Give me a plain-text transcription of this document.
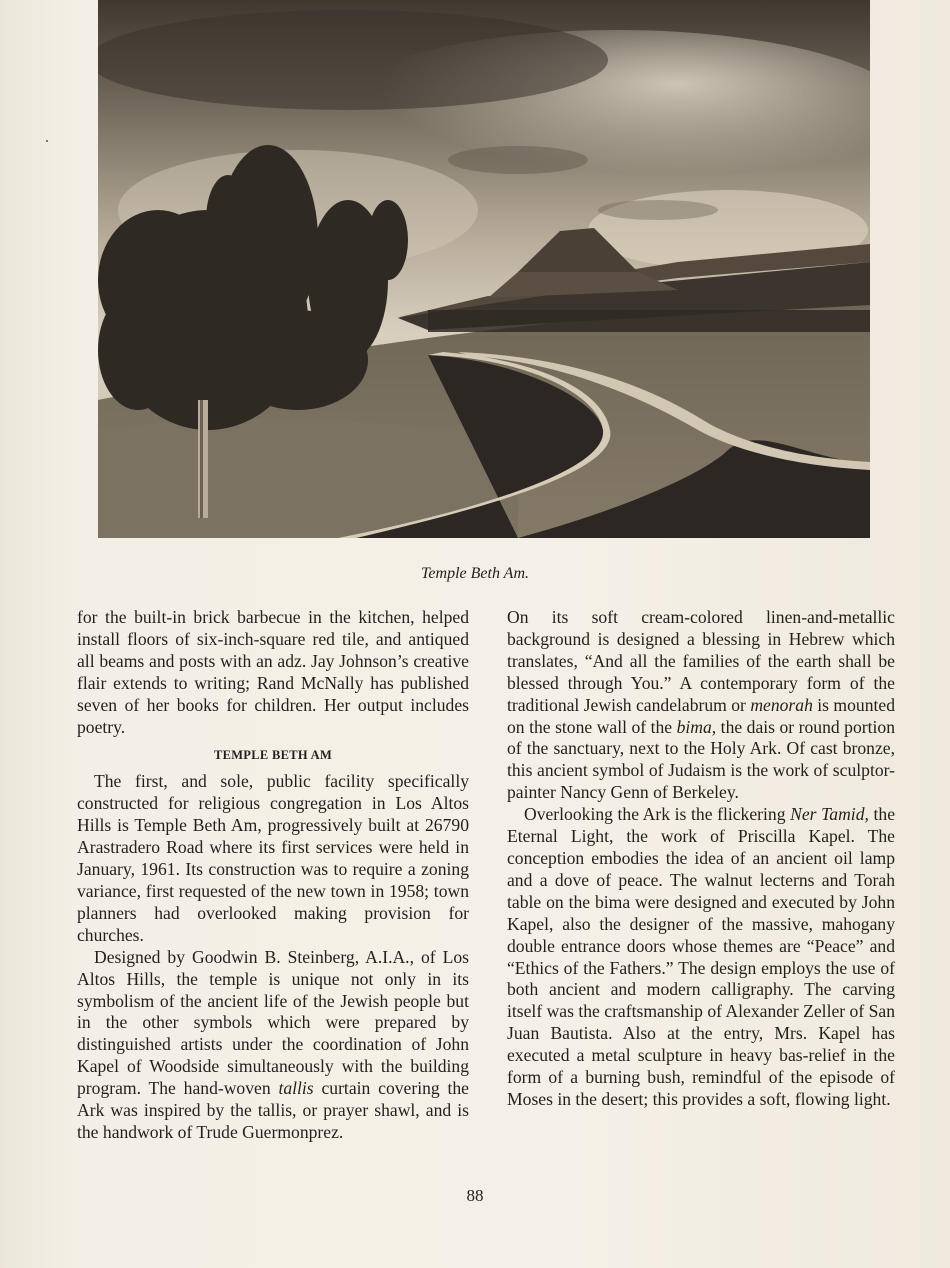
Temple Beth Am.

for the built-in brick barbecue in the kitchen, helped install floors of six-inch-square red tile, and antiqued all beams and posts with an adz. Jay Johnson’s creative flair extends to writing; Rand McNally has published seven of her books for children. Her output includes poetry.

TEMPLE BETH AM

The first, and sole, public facility specifically constructed for religious congregation in Los Altos Hills is Temple Beth Am, progressively built at 26790 Arastradero Road where its first services were held in January, 1961. Its construction was to require a zoning variance, first requested of the new town in 1958; town planners had overlooked making provision for churches.

Designed by Goodwin B. Steinberg, A.I.A., of Los Altos Hills, the temple is unique not only in its symbolism of the ancient life of the Jewish people but in the other symbols which were prepared by distinguished artists under the coordination of John Kapel of Woodside simultaneously with the building program. The hand-woven tallis curtain covering the Ark was inspired by the tallis, or prayer shawl, and is the handwork of Trude Guermonprez.

On its soft cream-colored linen-and-metallic background is designed a blessing in Hebrew which translates, “And all the families of the earth shall be blessed through You.” A contemporary form of the traditional Jewish candelabrum or menorah is mounted on the stone wall of the bima, the dais or round portion of the sanctuary, next to the Holy Ark. Of cast bronze, this ancient symbol of Judaism is the work of sculptor-painter Nancy Genn of Berkeley.

Overlooking the Ark is the flickering Ner Tamid, the Eternal Light, the work of Priscilla Kapel. The conception embodies the idea of an ancient oil lamp and a dove of peace. The walnut lecterns and Torah table on the bima were designed and executed by John Kapel, also the designer of the massive, mahogany double entrance doors whose themes are “Peace” and “Ethics of the Fathers.” The design employs the use of both ancient and modern calligraphy. The carving itself was the craftsmanship of Alexander Zeller of San Juan Bautista. Also at the entry, Mrs. Kapel has executed a metal sculpture in heavy bas-relief in the form of a burning bush, remindful of the episode of Moses in the desert; this provides a soft, flowing light.

88
